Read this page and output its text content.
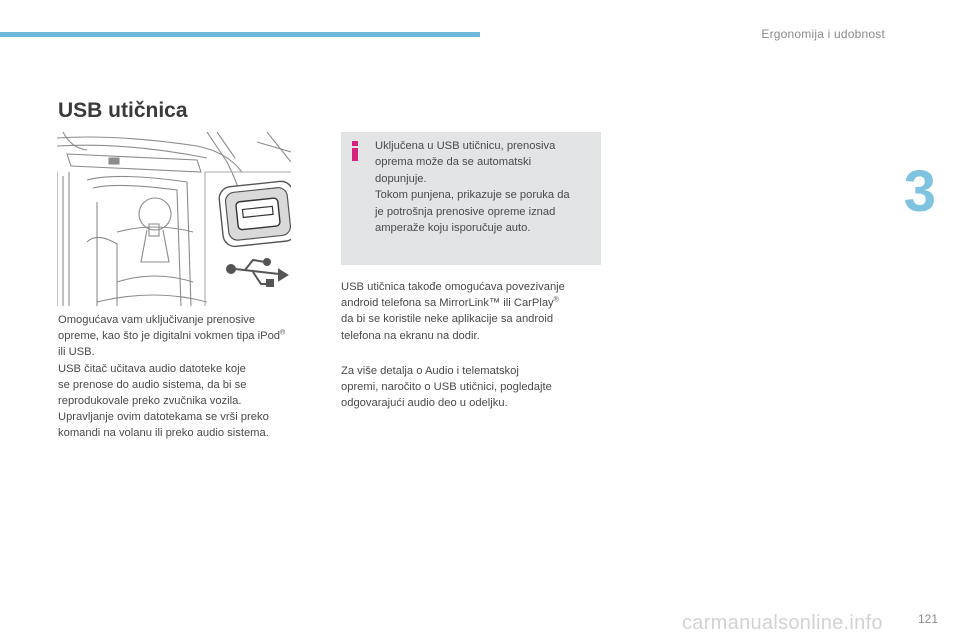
Ergonomija i udobnost
3
USB utičnica

Uključena u USB utičnicu, prenosiva

oprema može da se automatski

dopunjuje.

Tokom punjena, prikazuje se poruka da

je potrošnja prenosive opreme iznad

amperaže koju isporučuje auto.

Omogućava vam uključivanje prenosive

opreme, kao što je digitalni vokmen tipa iPod®

ili USB.

USB čitač učitava audio datoteke koje

se prenose do audio sistema, da bi se

reprodukovale preko zvučnika vozila.

Upravljanje ovim datotekama se vrši preko

komandi na volanu ili preko audio sistema.

USB utičnica takođe omogućava povezivanje

android telefona sa MirrorLink™ ili CarPlay®

da bi se koristile neke aplikacije sa android

telefona na ekranu na dodir.

Za više detalja o Audio i telematskoj

opremi, naročito o USB utičnici, pogledajte

odgovarajući audio deo u odeljku.

carmanualsonline.info	121
